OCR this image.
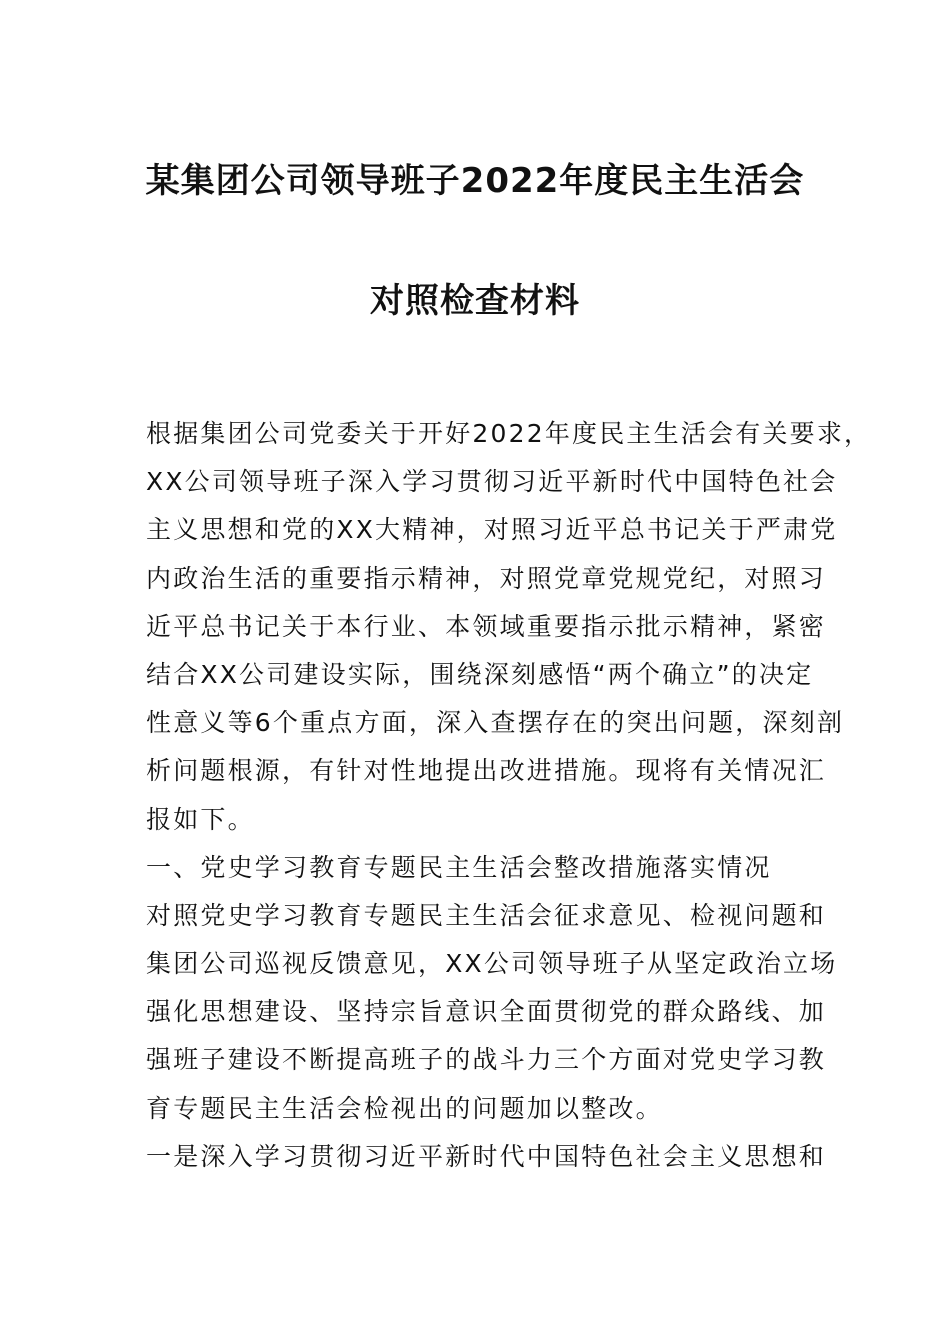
某集团公司领导班子2022年度民主生活会
对照检查材料
根据集团公司党委关于开好2022年度民主生活会有关要求，
XX公司领导班子深入学习贯彻习近平新时代中国特色社会
主义思想和党的XX大精神，对照习近平总书记关于严肃党
内政治生活的重要指示精神，对照党章党规党纪，对照习
近平总书记关于本行业、本领域重要指示批示精神，紧密
结合XX公司建设实际，围绕深刻感悟“两个确立”的决定
性意义等6个重点方面，深入查摆存在的突出问题，深刻剖
析问题根源，有针对性地提出改进措施。现将有关情况汇
报如下。
一、党史学习教育专题民主生活会整改措施落实情况
对照党史学习教育专题民主生活会征求意见、检视问题和
集团公司巡视反馈意见，XX公司领导班子从坚定政治立场
强化思想建设、坚持宗旨意识全面贯彻党的群众路线、加
强班子建设不断提高班子的战斗力三个方面对党史学习教
育专题民主生活会检视出的问题加以整改。
一是深入学习贯彻习近平新时代中国特色社会主义思想和
